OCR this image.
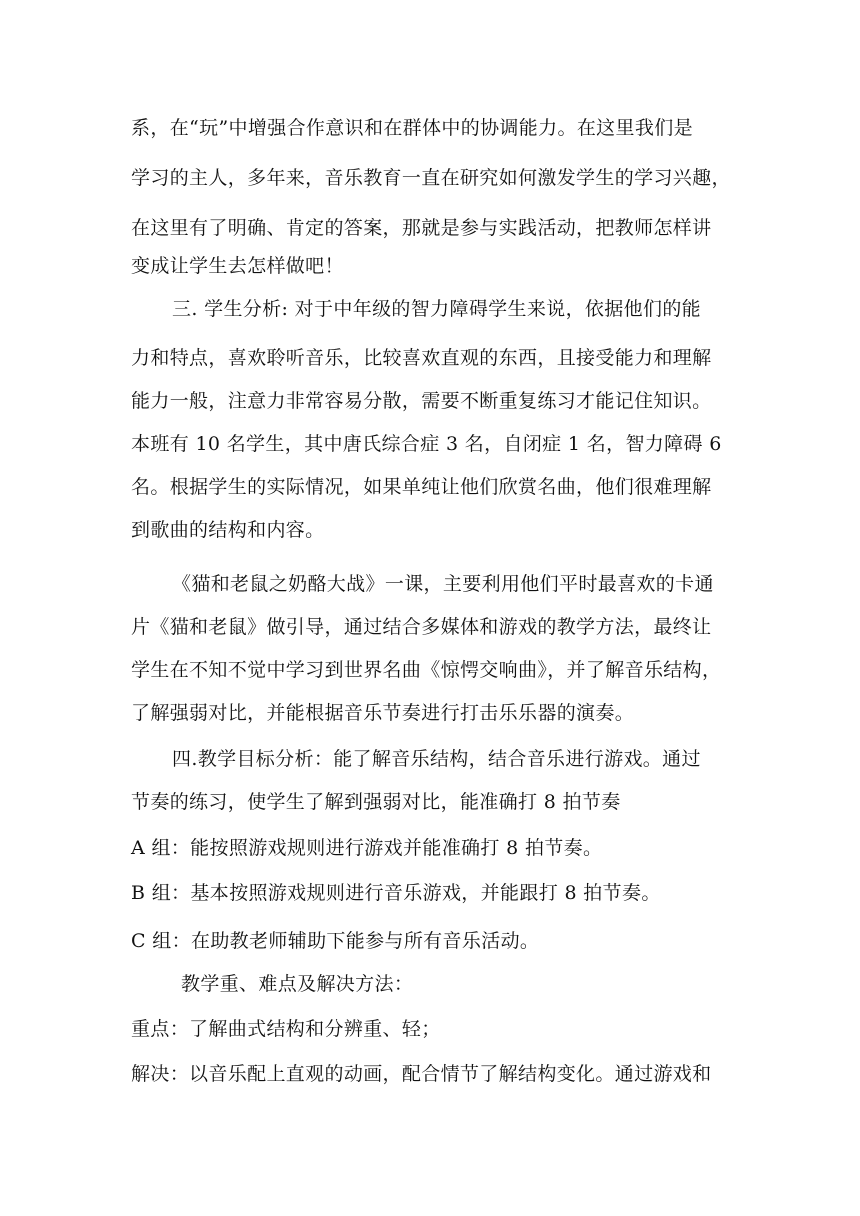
系，在“玩”中增强合作意识和在群体中的协调能力。在这里我们是
学习的主人，多年来，音乐教育一直在研究如何激发学生的学习兴趣，
在这里有了明确、肯定的答案，那就是参与实践活动，把教师怎样讲
变成让学生去怎样做吧！
三. 学生分析: 对于中年级的智力障碍学生来说，依据他们的能
力和特点，喜欢聆听音乐，比较喜欢直观的东西，且接受能力和理解
能力一般，注意力非常容易分散，需要不断重复练习才能记住知识。
本班有 10 名学生，其中唐氏综合症 3 名，自闭症 1 名，智力障碍 6
名。根据学生的实际情况，如果单纯让他们欣赏名曲，他们很难理解
到歌曲的结构和内容。
《猫和老鼠之奶酪大战》一课，主要利用他们平时最喜欢的卡通
片《猫和老鼠》做引导，通过结合多媒体和游戏的教学方法，最终让
学生在不知不觉中学习到世界名曲《惊愕交响曲》，并了解音乐结构，
了解强弱对比，并能根据音乐节奏进行打击乐乐器的演奏。
四.教学目标分析：能了解音乐结构，结合音乐进行游戏。通过
节奏的练习，使学生了解到强弱对比，能准确打 8 拍节奏
A 组：能按照游戏规则进行游戏并能准确打 8 拍节奏。
B 组：基本按照游戏规则进行音乐游戏，并能跟打 8 拍节奏。
C 组：在助教老师辅助下能参与所有音乐活动。
教学重、难点及解决方法：
重点：了解曲式结构和分辨重、轻；
解决：以音乐配上直观的动画，配合情节了解结构变化。通过游戏和
